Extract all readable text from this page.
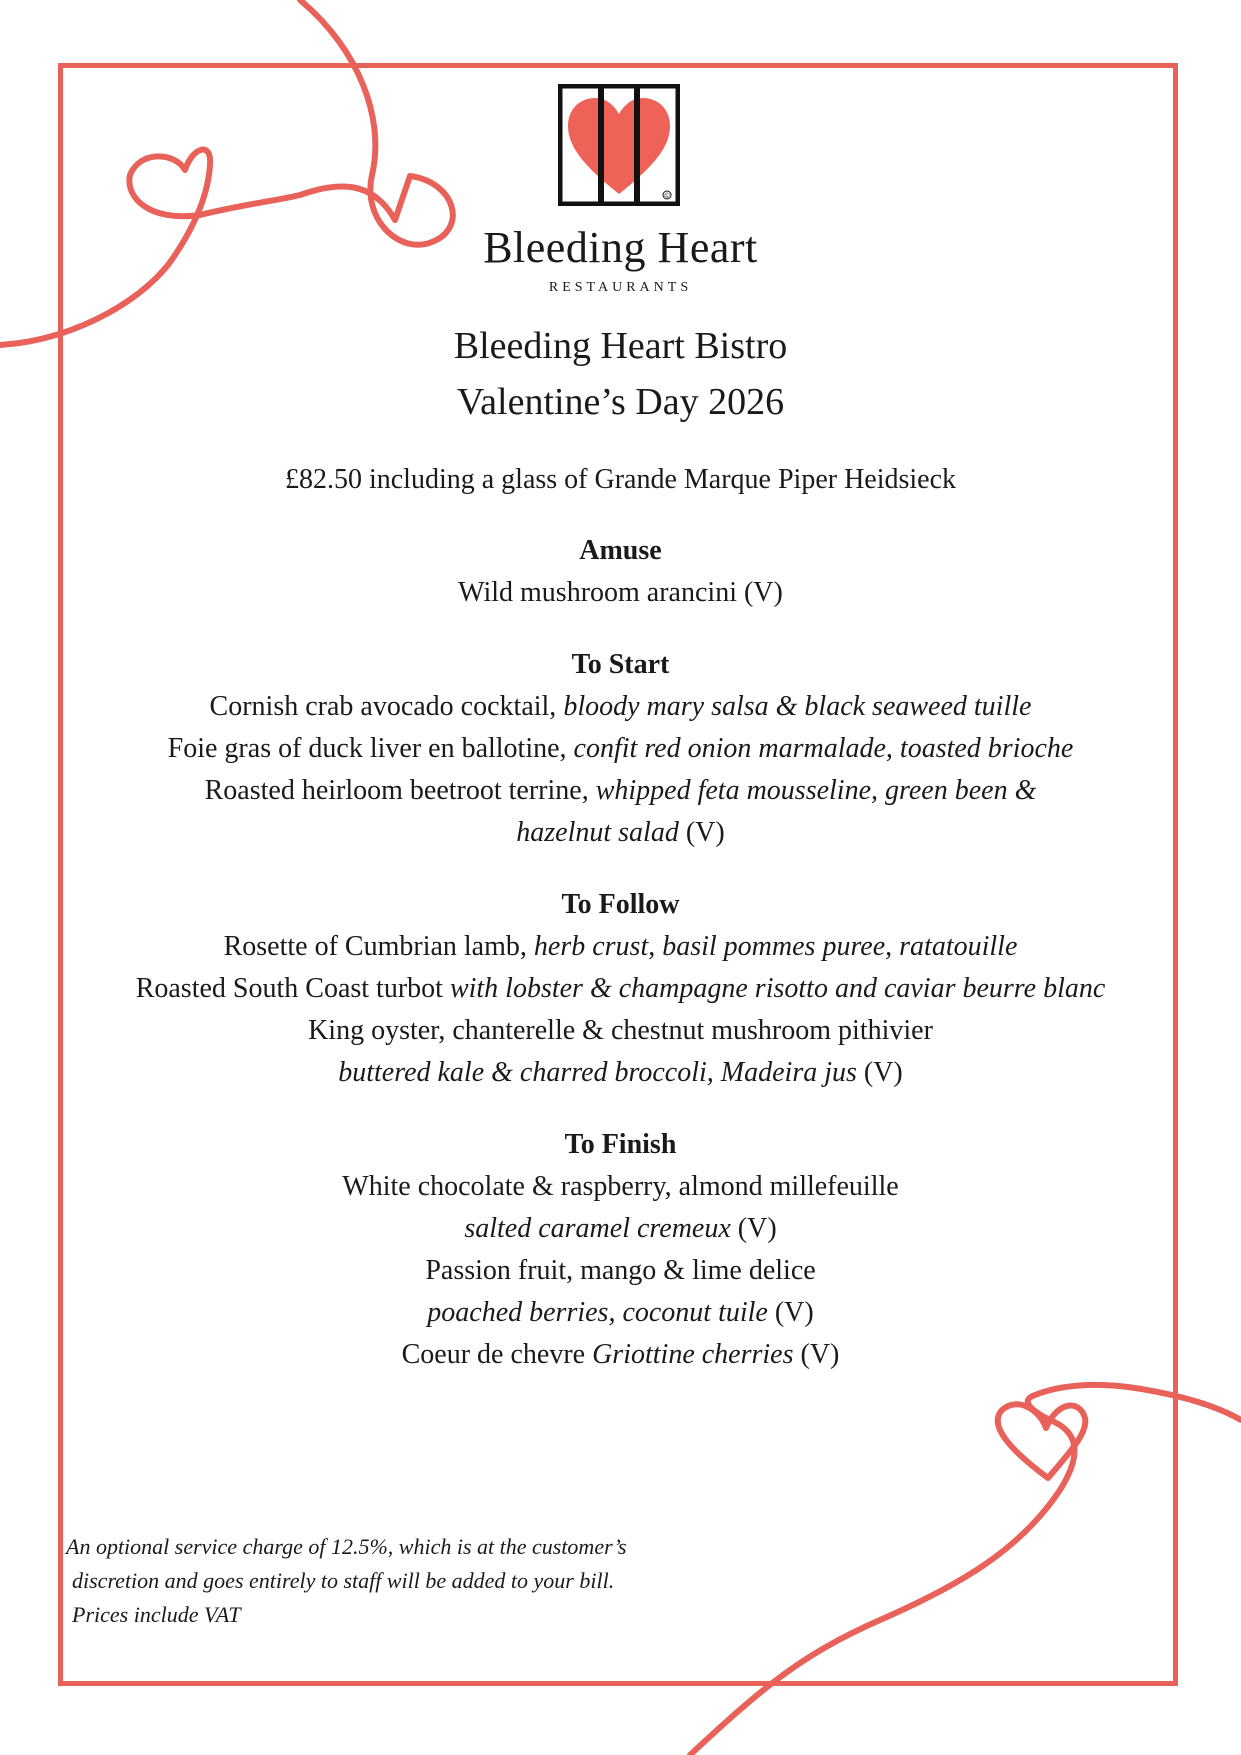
©
Bleeding Heart
RESTAURANTS
Bleeding Heart Bistro
Valentine’s Day 2026
£82.50 including a glass of Grande Marque Piper Heidsieck
Amuse
Wild mushroom arancini (V)
To Start
Cornish crab avocado cocktail, bloody mary salsa & black seaweed tuille
Foie gras of duck liver en ballotine, confit red onion marmalade, toasted brioche
Roasted heirloom beetroot terrine, whipped feta mousseline, green been &
hazelnut salad (V)
To Follow
Rosette of Cumbrian lamb, herb crust, basil pommes puree, ratatouille
Roasted South Coast turbot with lobster & champagne risotto and caviar beurre blanc
King oyster, chanterelle & chestnut mushroom pithivier
buttered kale & charred broccoli, Madeira jus (V)
To Finish
White chocolate & raspberry, almond millefeuille
salted caramel cremeux (V)
Passion fruit, mango & lime delice
poached berries, coconut tuile (V)
Coeur de chevre Griottine cherries (V)
An optional service charge of 12.5%, which is at the customer’s
discretion and goes entirely to staff will be added to your bill.
Prices include VAT
